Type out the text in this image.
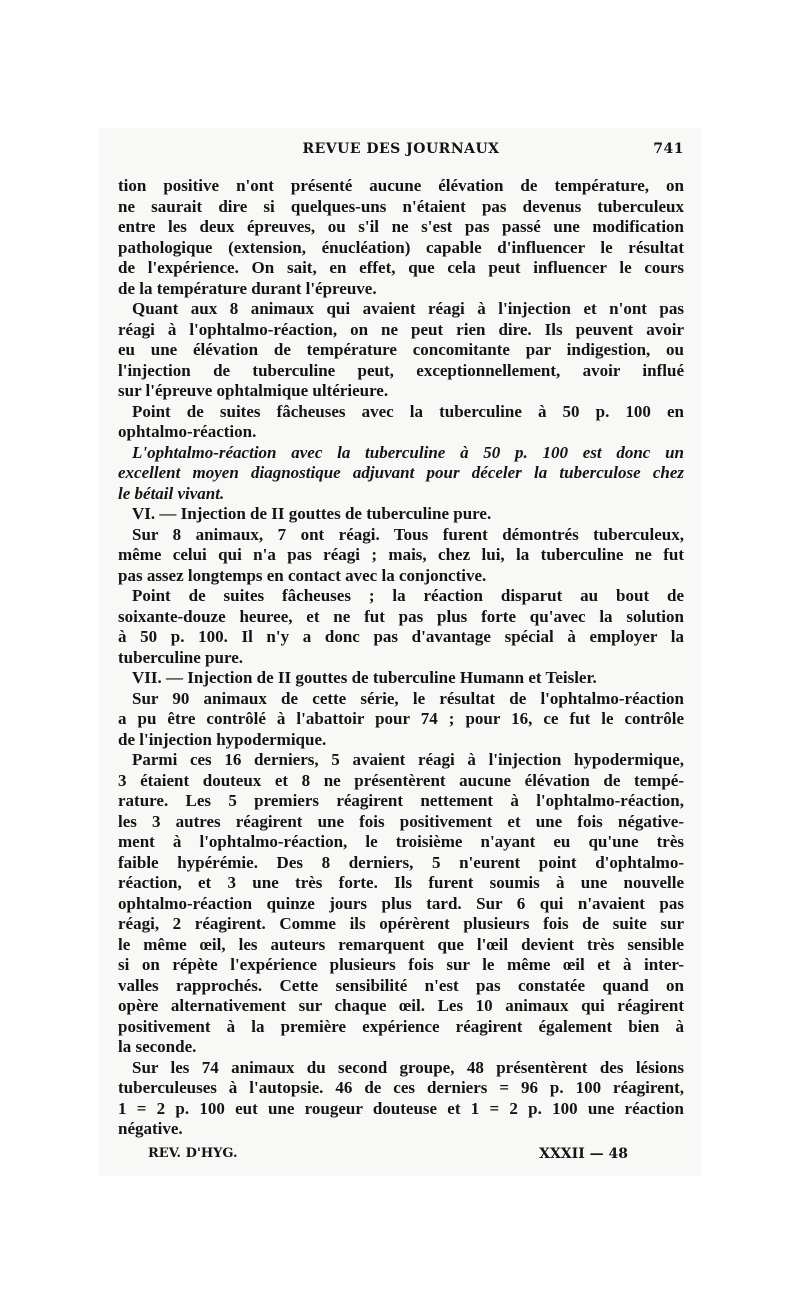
REVUE DES JOURNAUX	741
tion positive n'ont présenté aucune élévation de température, on
ne saurait dire si quelques-uns n'étaient pas devenus tuberculeux
entre les deux épreuves, ou s'il ne s'est pas passé une modification
pathologique (extension, énucléation) capable d'influencer le résultat
de l'expérience. On sait, en effet, que cela peut influencer le cours
de la température durant l'épreuve.
Quant aux 8 animaux qui avaient réagi à l'injection et n'ont pas
réagi à l'ophtalmo-réaction, on ne peut rien dire. Ils peuvent avoir
eu une élévation de température concomitante par indigestion, ou
l'injection de tuberculine peut, exceptionnellement, avoir influé
sur l'épreuve ophtalmique ultérieure.
Point de suites fâcheuses avec la tuberculine à 50 p. 100 en
ophtalmo-réaction.
L'ophtalmo-réaction avec la tuberculine à 50 p. 100 est donc un
excellent moyen diagnostique adjuvant pour déceler la tuberculose chez
le bétail vivant.
VI. — Injection de II gouttes de tuberculine pure.
Sur 8 animaux, 7 ont réagi. Tous furent démontrés tuberculeux,
même celui qui n'a pas réagi ; mais, chez lui, la tuberculine ne fut
pas assez longtemps en contact avec la conjonctive.
Point de suites fâcheuses ; la réaction disparut au bout de
soixante-douze heuree, et ne fut pas plus forte qu'avec la solution
à 50 p. 100. Il n'y a donc pas d'avantage spécial à employer la
tuberculine pure.
VII. — Injection de II gouttes de tuberculine Humann et Teisler.
Sur 90 animaux de cette série, le résultat de l'ophtalmo-réaction
a pu être contrôlé à l'abattoir pour 74 ; pour 16, ce fut le contrôle
de l'injection hypodermique.
Parmi ces 16 derniers, 5 avaient réagi à l'injection hypodermique,
3 étaient douteux et 8 ne présentèrent aucune élévation de tempé-
rature. Les 5 premiers réagirent nettement à l'ophtalmo-réaction,
les 3 autres réagirent une fois positivement et une fois négative-
ment à l'ophtalmo-réaction, le troisième n'ayant eu qu'une très
faible hypérémie. Des 8 derniers, 5 n'eurent point d'ophtalmo-
réaction, et 3 une très forte. Ils furent soumis à une nouvelle
ophtalmo-réaction quinze jours plus tard. Sur 6 qui n'avaient pas
réagi, 2 réagirent. Comme ils opérèrent plusieurs fois de suite sur
le même œil, les auteurs remarquent que l'œil devient très sensible
si on répète l'expérience plusieurs fois sur le même œil et à inter-
valles rapprochés. Cette sensibilité n'est pas constatée quand on
opère alternativement sur chaque œil. Les 10 animaux qui réagirent
positivement à la première expérience réagirent également bien à
la seconde.
Sur les 74 animaux du second groupe, 48 présentèrent des lésions
tuberculeuses à l'autopsie. 46 de ces derniers = 96 p. 100 réagirent,
1 = 2 p. 100 eut une rougeur douteuse et 1 = 2 p. 100 une réaction
négative.
REV. D'HYG.	XXXII — 48
